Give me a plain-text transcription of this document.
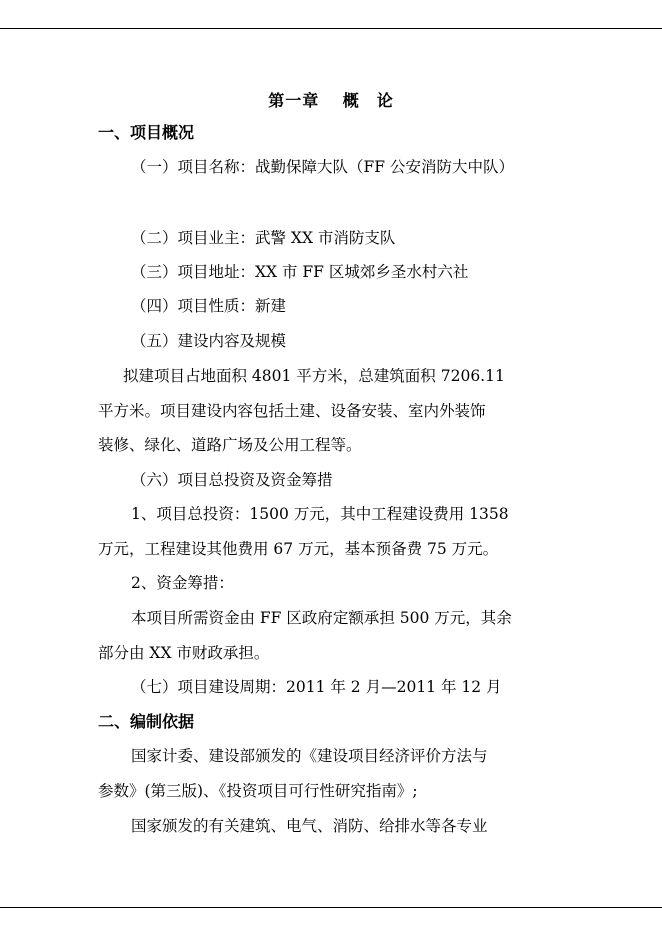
第一章　 概　论
一、项目概况
（一）项目名称：战勤保障大队（FF 公安消防大中队）
（二）项目业主：武警 XX 市消防支队
（三）项目地址：XX 市 FF 区城郊乡圣水村六社
（四）项目性质：新建
（五）建设内容及规模
拟建项目占地面积 4801 平方米，总建筑面积 7206.11
平方米。项目建设内容包括土建、设备安装、室内外装饰
装修、绿化、道路广场及公用工程等。
（六）项目总投资及资金筹措
1、项目总投资：1500 万元，其中工程建设费用 1358
万元，工程建设其他费用 67 万元，基本预备费 75 万元。
2、资金筹措：
本项目所需资金由 FF 区政府定额承担 500 万元，其余
部分由 XX 市财政承担。
（七）项目建设周期：2011 年 2 月—2011 年 12 月
二、编制依据
国家计委、建设部颁发的《建设项目经济评价方法与
参数》(第三版)、《投资项目可行性研究指南》;
国家颁发的有关建筑、电气、消防、给排水等各专业
